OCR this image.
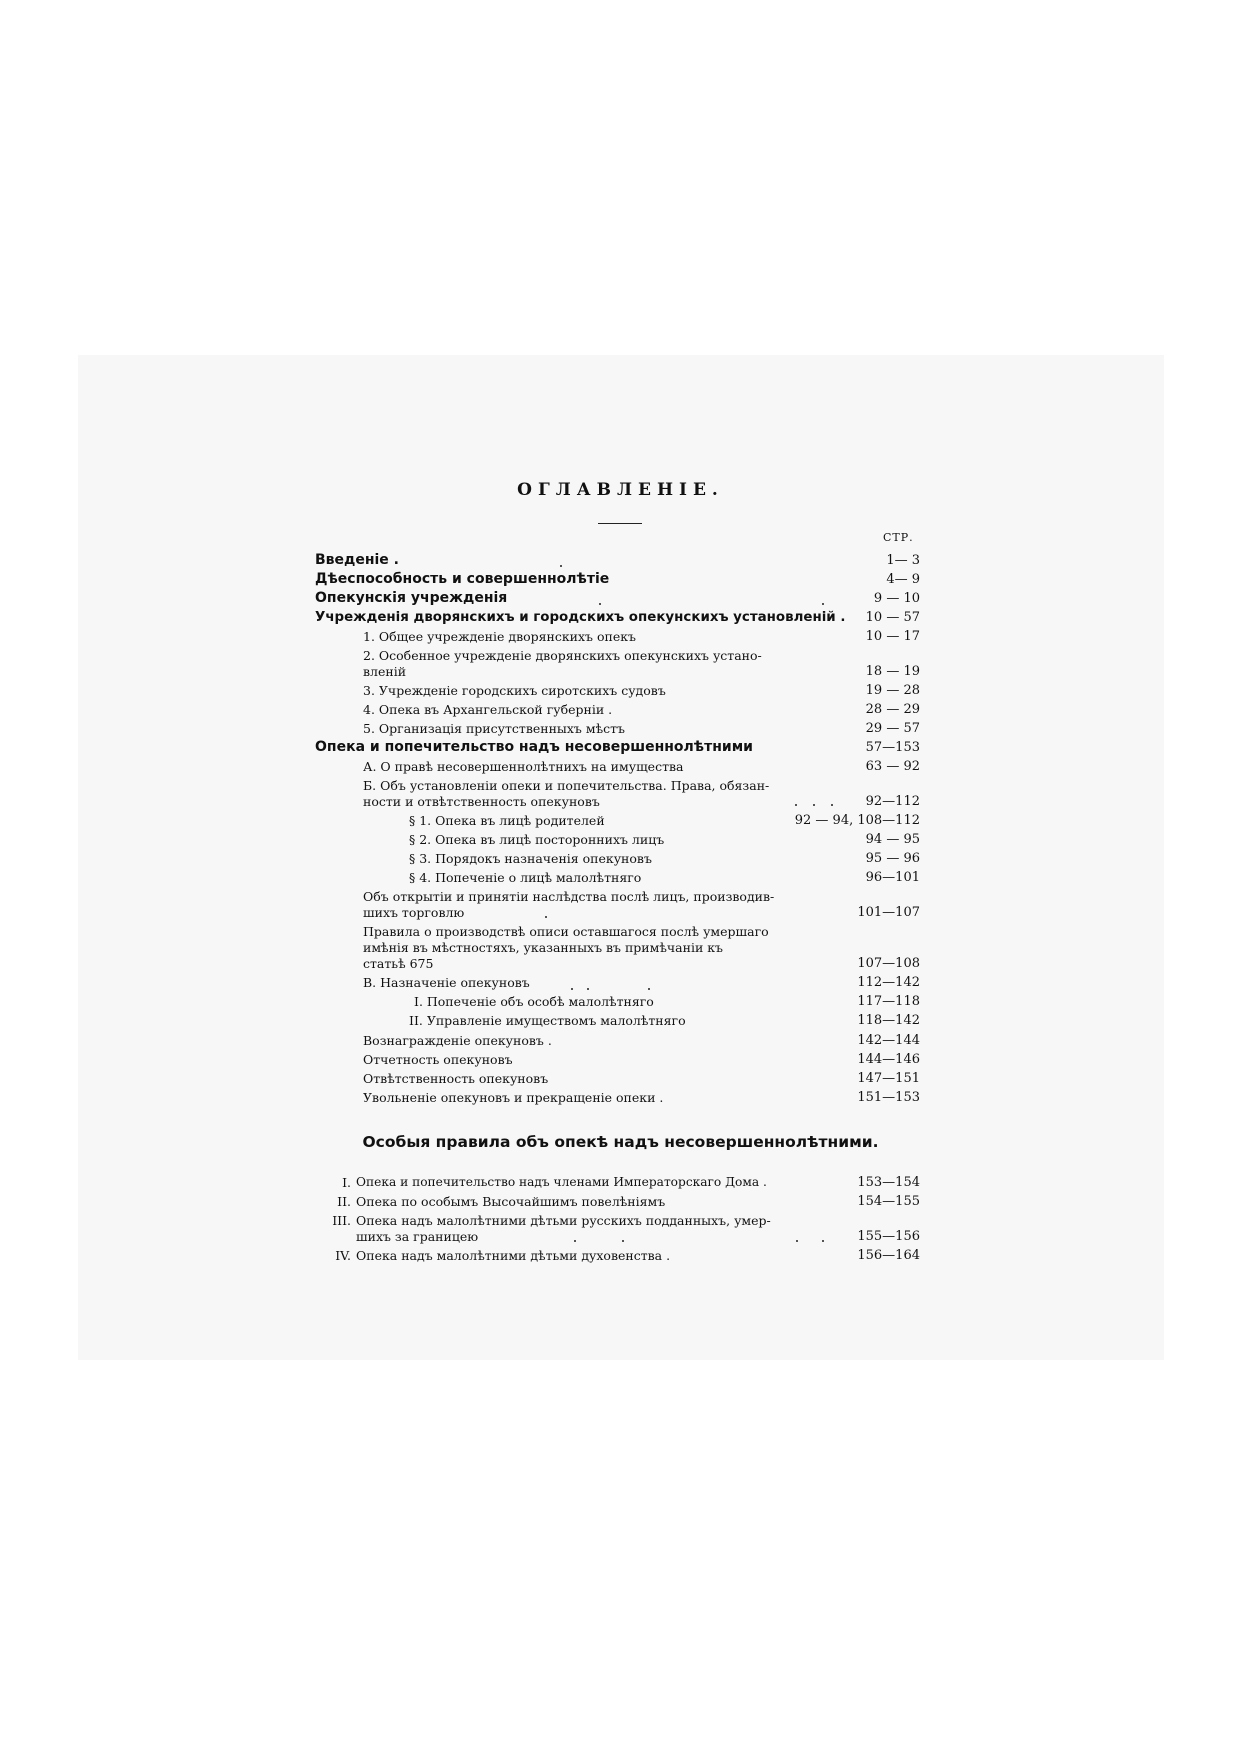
ОГЛАВЛЕНІЕ.
СТР.
Введеніе .	1— 3
Дѣеспособность и совершеннолѣтіе	4— 9
Опекунскія учрежденія	9 — 10
Учрежденія дворянскихъ и городскихъ опекунскихъ установленій . 10 — 57
1. Общее учрежденіе дворянскихъ опекъ	10 — 17
2. Особенное учрежденіе дворянскихъ опекунскихъ устано-
вленій	18 — 19
3. Учрежденіе городскихъ сиротскихъ судовъ	19 — 28
4. Опека въ Архангельской губерніи .	28 — 29
5. Организація присутственныхъ мѣстъ	29 — 57
Опека и попечительство надъ несовершеннолѣтними	57—153
А. О правѣ несовершеннолѣтнихъ на имущества	63 — 92
Б. Объ установленіи опеки и попечительства. Права, обязан-
ности и отвѣтственность опекуновъ	92—112
§ 1. Опека въ лицѣ родителей	92 — 94, 108—112
§ 2. Опека въ лицѣ постороннихъ лицъ	94 — 95
§ 3. Порядокъ назначенія опекуновъ	95 — 96
§ 4. Попеченіе о лицѣ малолѣтняго	96—101
Объ открытіи и принятіи наслѣдства послѣ лицъ, производив-
шихъ торговлю	101—107
Правила о производствѣ описи оставшагося послѣ умершаго
имѣнія въ мѣстностяхъ, указанныхъ въ примѣчаніи къ
статьѣ 675	107—108
В. Назначеніе опекуновъ	112—142
I. Попеченіе объ особѣ малолѣтняго	117—118
II. Управленіе имуществомъ малолѣтняго	118—142
Вознагражденіе опекуновъ .	142—144
Отчетность опекуновъ	144—146
Отвѣтственность опекуновъ	147—151
Увольненіе опекуновъ и прекращеніе опеки .	151—153
Особыя правила объ опекѣ надъ несовершеннолѣтними.
I. Опека и попечительство надъ членами Императорскаго Дома .	153—154
II. Опека по особымъ Высочайшимъ повелѣніямъ	154—155
III. Опека надъ малолѣтними дѣтьми русскихъ подданныхъ, умер-
шихъ за границею	155—156
IV. Опека надъ малолѣтними дѣтьми духовенства .	156—164
